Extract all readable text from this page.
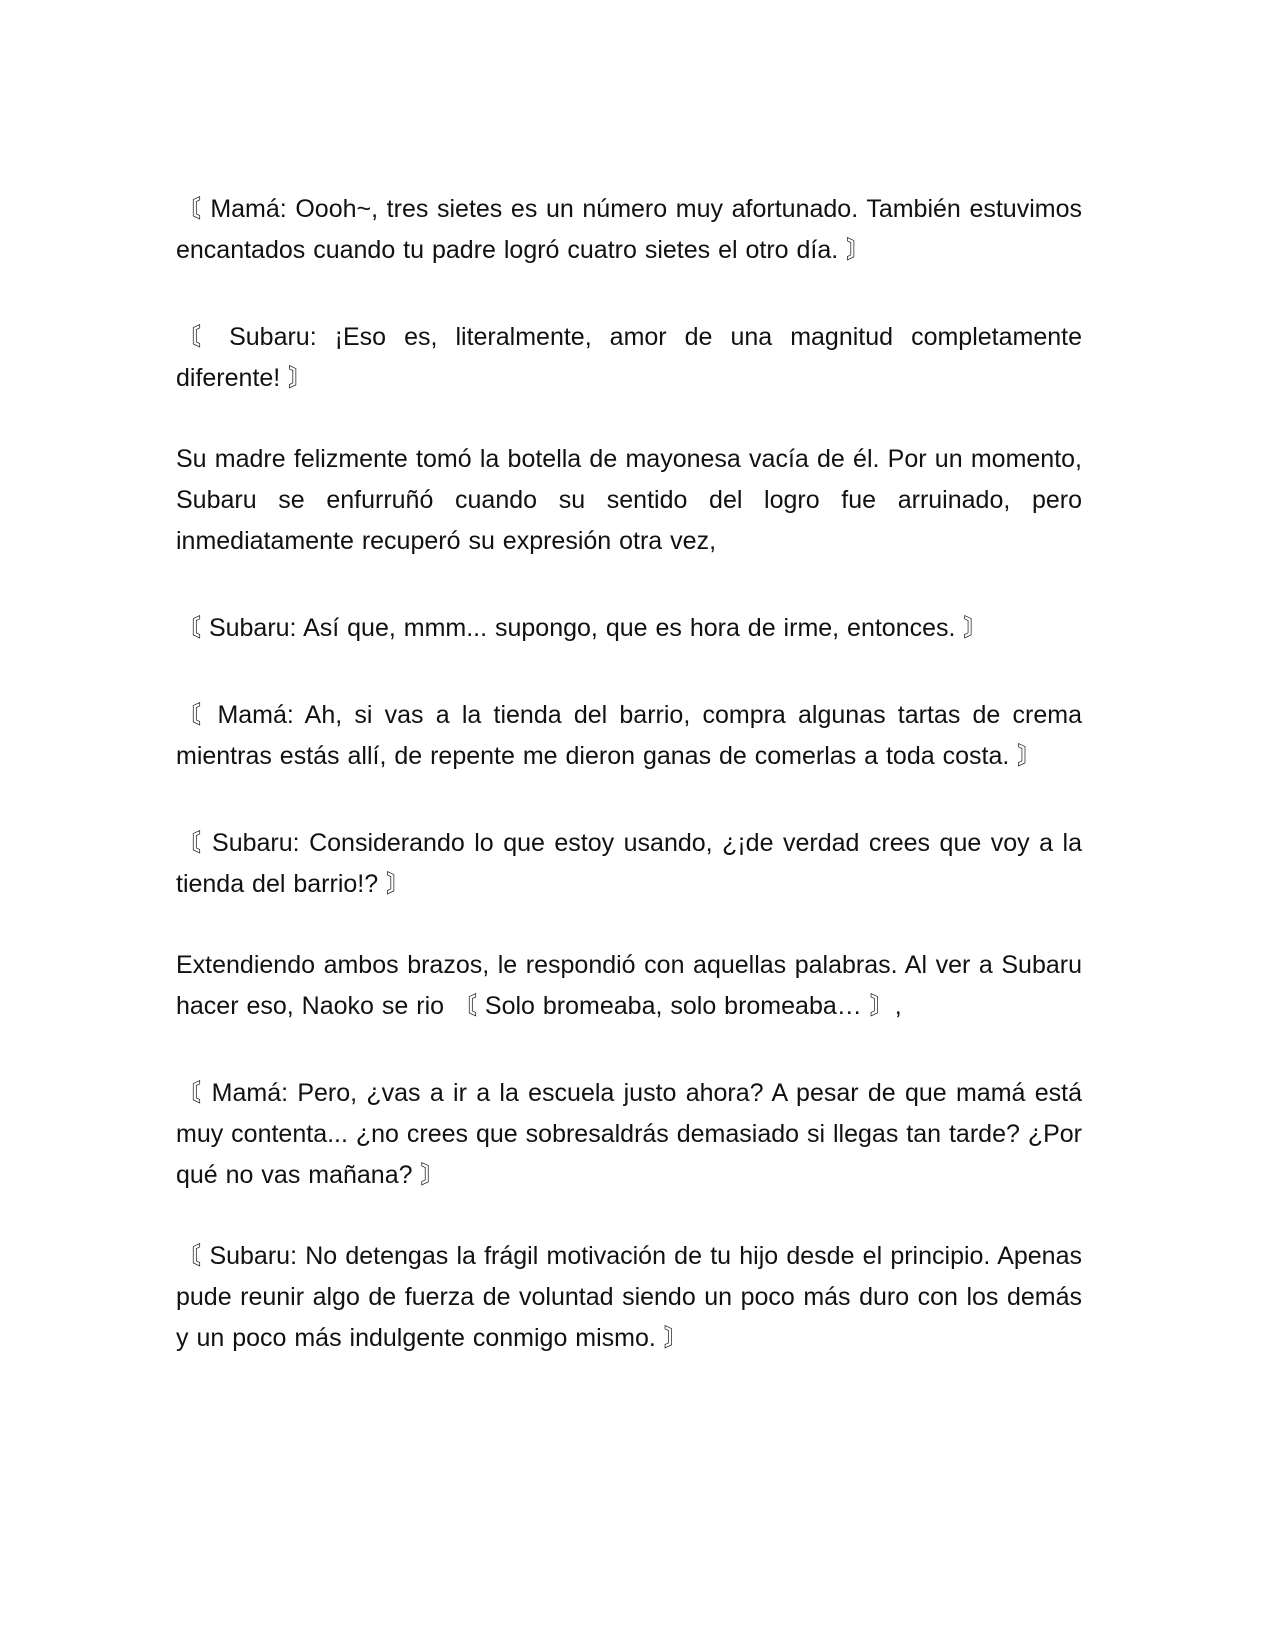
〘 Mamá: Oooh~, tres sietes es un número muy afortunado. También estuvimos encantados cuando tu padre logró cuatro sietes el otro día. 〙

〘 Subaru: ¡Eso es, literalmente, amor de una magnitud completamente diferente! 〙

Su madre felizmente tomó la botella de mayonesa vacía de él. Por un momento, Subaru se enfurruñó cuando su sentido del logro fue arruinado, pero inmediatamente recuperó su expresión otra vez,

〘 Subaru: Así que, mmm... supongo, que es hora de irme, entonces. 〙

〘 Mamá: Ah, si vas a la tienda del barrio, compra algunas tartas de crema mientras estás allí, de repente me dieron ganas de comerlas a toda costa. 〙

〘 Subaru: Considerando lo que estoy usando, ¿¡de verdad crees que voy a la tienda del barrio!? 〙

Extendiendo ambos brazos, le respondió con aquellas palabras. Al ver a Subaru hacer eso, Naoko se rio 〘 Solo bromeaba, solo bromeaba… 〙,

〘 Mamá: Pero, ¿vas a ir a la escuela justo ahora? A pesar de que mamá está muy contenta... ¿no crees que sobresaldrás demasiado si llegas tan tarde? ¿Por qué no vas mañana? 〙

〘 Subaru: No detengas la frágil motivación de tu hijo desde el principio. Apenas pude reunir algo de fuerza de voluntad siendo un poco más duro con los demás y un poco más indulgente conmigo mismo. 〙
